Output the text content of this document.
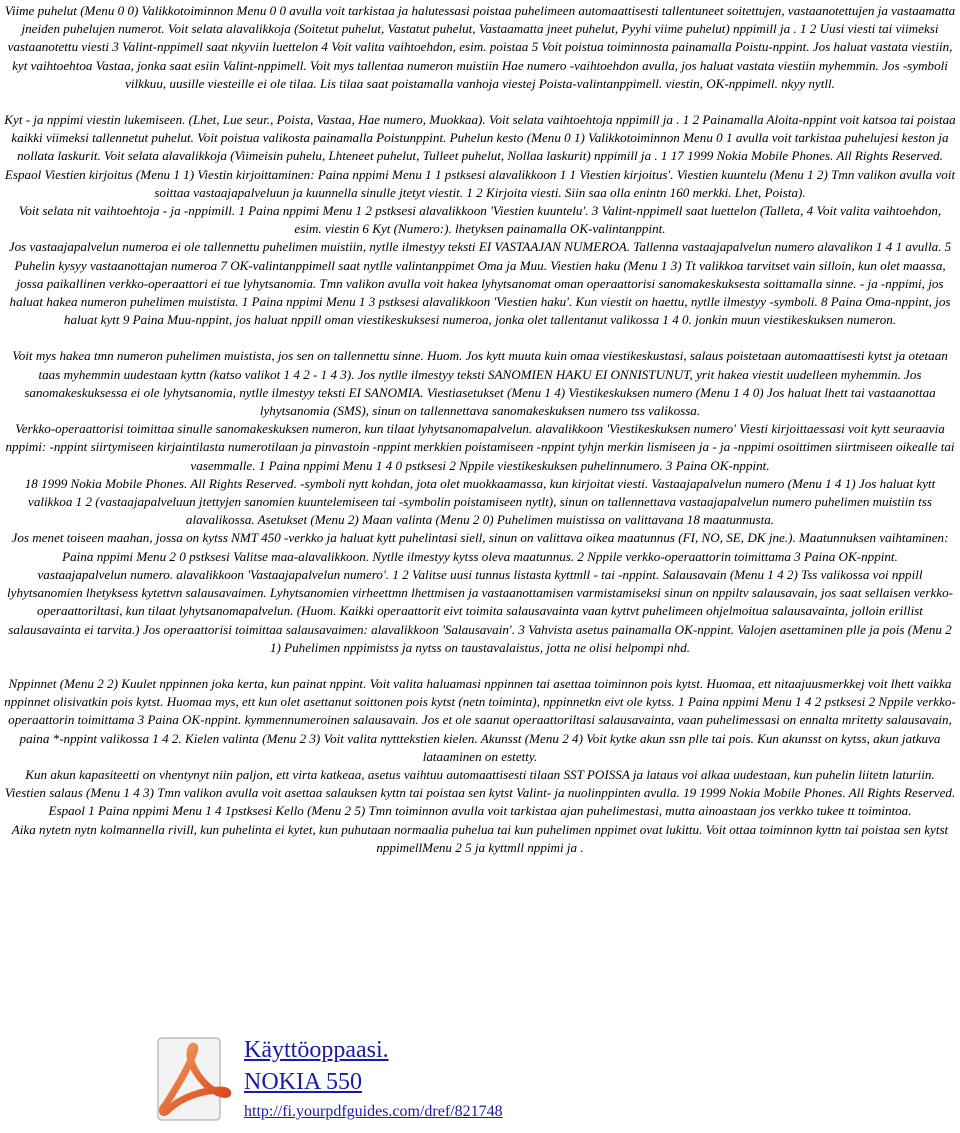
Viime puhelut (Menu 0 0) Valikkotoiminnon Menu 0 0 avulla voit tarkistaa ja halutessasi poistaa puhelimeen automaattisesti tallentuneet soitettujen, vastaanotettujen ja vastaamatta jneiden puhelujen numerot. Voit selata alavalikkoja (Soitetut puhelut, Vastatut puhelut, Vastaamatta jneet puhelut, Pyyhi viime puhelut) nppimill ja . 1 2 Uusi viesti tai viimeksi vastaanotettu viesti 3 Valint-nppimell saat nkyviin luettelon 4 Voit valita vaihtoehdon, esim. poistaa 5 Voit poistua toiminnosta painamalla Poistu-nppint. Jos haluat vastata viestiin, kyt vaihtoehtoa Vastaa, jonka saat esiin Valint-nppimell. Voit mys tallentaa numeron muistiin Hae numero -vaihtoehdon avulla, jos haluat vastata viestiin myhemmin. Jos -symboli vilkkuu, uusille viesteille ei ole tilaa. Lis tilaa saat poistamalla vanhoja viestej Poista-valintanppimell. viestin, OK-nppimell. nkyy nytll.

Kyt - ja nppimi viestin lukemiseen. (Lhet, Lue seur., Poista, Vastaa, Hae numero, Muokkaa). Voit selata vaihtoehtoja nppimill ja . 1 2 Painamalla Aloita-nppint voit katsoa tai poistaa kaikki viimeksi tallennetut puhelut. Voit poistua valikosta painamalla Poistunppint. Puhelun kesto (Menu 0 1) Valikkotoiminnon Menu 0 1 avulla voit tarkistaa puhelujesi keston ja nollata laskurit. Voit selata alavalikkoja (Viimeisin puhelu, Lhteneet puhelut, Tulleet puhelut, Nollaa laskurit) nppimill ja . 1 17 1999 Nokia Mobile Phones. All Rights Reserved.

Espaol Viestien kirjoitus (Menu 1 1) Viestin kirjoittaminen: Paina nppimi Menu 1 1 pstksesi alavalikkoon 1 1 Viestien kirjoitus'. Viestien kuuntelu (Menu 1 2) Tmn valikon avulla voit soittaa vastaajapalveluun ja kuunnella sinulle jtetyt viestit. 1 2 Kirjoita viesti. Siin saa olla enintn 160 merkki. Lhet, Poista).

Voit selata nit vaihtoehtoja - ja -nppimill. 1 Paina nppimi Menu 1 2 pstksesi alavalikkoon 'Viestien kuuntelu'. 3 Valint-nppimell saat luettelon (Talleta, 4 Voit valita vaihtoehdon, esim. viestin 6 Kyt (Numero:). lhetyksen painamalla OK-valintanppint.

Jos vastaajapalvelun numeroa ei ole tallennettu puhelimen muistiin, nytlle ilmestyy teksti EI VASTAAJAN NUMEROA. Tallenna vastaajapalvelun numero alavalikon 1 4 1 avulla. 5 Puhelin kysyy vastaanottajan numeroa 7 OK-valintanppimell saat nytlle valintanppimet Oma ja Muu. Viestien haku (Menu 1 3) Tt valikkoa tarvitset vain silloin, kun olet maassa, jossa paikallinen verkko-operaattori ei tue lyhytsanomia. Tmn valikon avulla voit hakea lyhytsanomat oman operaattorisi sanomakeskuksesta soittamalla sinne. - ja -nppimi, jos haluat hakea numeron puhelimen muistista. 1 Paina nppimi Menu 1 3 pstksesi alavalikkoon 'Viestien haku'. Kun viestit on haettu, nytlle ilmestyy -symboli. 8 Paina Oma-nppint, jos haluat kytt 9 Paina Muu-nppint, jos haluat nppill oman viestikeskuksesi numeroa, jonka olet tallentanut valikossa 1 4 0. jonkin muun viestikeskuksen numeron.

Voit mys hakea tmn numeron puhelimen muistista, jos sen on tallennettu sinne. Huom. Jos kytt muuta kuin omaa viestikeskustasi, salaus poistetaan automaattisesti kytst ja otetaan taas myhemmin uudestaan kyttn (katso valikot 1 4 2 - 1 4 3). Jos nytlle ilmestyy teksti SANOMIEN HAKU EI ONNISTUNUT, yrit hakea viestit uudelleen myhemmin. Jos sanomakeskuksessa ei ole lyhytsanomia, nytlle ilmestyy teksti EI SANOMIA. Viestiasetukset (Menu 1 4) Viestikeskuksen numero (Menu 1 4 0) Jos haluat lhett tai vastaanottaa lyhytsanomia (SMS), sinun on tallennettava sanomakeskuksen numero tss valikossa.

Verkko-operaattorisi toimittaa sinulle sanomakeskuksen numeron, kun tilaat lyhytsanomapalvelun. alavalikkoon 'Viestikeskuksen numero' Viesti kirjoittaessasi voit kytt seuraavia nppimi: -nppint siirtymiseen kirjaintilasta numerotilaan ja pinvastoin -nppint merkkien poistamiseen -nppint tyhjn merkin lismiseen ja - ja -nppimi osoittimen siirtmiseen oikealle tai vasemmalle. 1 Paina nppimi Menu 1 4 0 pstksesi 2 Nppile viestikeskuksen puhelinnumero. 3 Paina OK-nppint.

18 1999 Nokia Mobile Phones. All Rights Reserved. -symboli nytt kohdan, jota olet muokkaamassa, kun kirjoitat viesti. Vastaajapalvelun numero (Menu 1 4 1) Jos haluat kytt valikkoa 1 2 (vastaajapalveluun jtettyjen sanomien kuuntelemiseen tai -symbolin poistamiseen nytlt), sinun on tallennettava vastaajapalvelun numero puhelimen muistiin tss alavalikossa. Asetukset (Menu 2) Maan valinta (Menu 2 0) Puhelimen muistissa on valittavana 18 maatunnusta.

Jos menet toiseen maahan, jossa on kytss NMT 450 -verkko ja haluat kytt puhelintasi siell, sinun on valittava oikea maatunnus (FI, NO, SE, DK jne.). Maatunnuksen vaihtaminen: Paina nppimi Menu 2 0 pstksesi Valitse maa-alavalikkoon. Nytlle ilmestyy kytss oleva maatunnus. 2 Nppile verkko-operaattorin toimittama 3 Paina OK-nppint.

vastaajapalvelun numero. alavalikkoon 'Vastaajapalvelun numero'. 1 2 Valitse uusi tunnus listasta kyttmll - tai -nppint. Salausavain (Menu 1 4 2) Tss valikossa voi nppill lyhytsanomien lhetyksess kytettvn salausavaimen. Lyhytsanomien virheettmn lhettmisen ja vastaanottamisen varmistamiseksi sinun on nppiltv salausavain, jos saat sellaisen verkko-operaattoriltasi, kun tilaat lyhytsanomapalvelun. (Huom. Kaikki operaattorit eivt toimita salausavainta vaan kyttvt puhelimeen ohjelmoitua salausavainta, jolloin erillist salausavainta ei tarvita.) Jos operaattorisi toimittaa salausavaimen: alavalikkoon 'Salausavain'. 3 Vahvista asetus painamalla OK-nppint. Valojen asettaminen plle ja pois (Menu 2 1) Puhelimen nppimistss ja nytss on taustavalaistus, jotta ne olisi helpompi nhd.

Nppinnet (Menu 2 2) Kuulet nppinnen joka kerta, kun painat nppint. Voit valita haluamasi nppinnen tai asettaa toiminnon pois kytst. Huomaa, ett nitaajuusmerkkej voit lhett vaikka nppinnet olisivatkin pois kytst. Huomaa mys, ett kun olet asettanut soittonen pois kytst (netn toiminta), nppinnetkn eivt ole kytss. 1 Paina nppimi Menu 1 4 2 pstksesi 2 Nppile verkko-operaattorin toimittama 3 Paina OK-nppint. kymmennumeroinen salausavain. Jos et ole saanut operaattoriltasi salausavainta, vaan puhelimessasi on ennalta mritetty salausavain, paina *-nppint valikossa 1 4 2. Kielen valinta (Menu 2 3) Voit valita nytttekstien kielen. Akunsst (Menu 2 4) Voit kytke akun ssn plle tai pois. Kun akunsst on kytss, akun jatkuva lataaminen on estetty.

Kun akun kapasiteetti on vhentynyt niin paljon, ett virta katkeaa, asetus vaihtuu automaattisesti tilaan SST POISSA ja lataus voi alkaa uudestaan, kun puhelin liitetn laturiin. Viestien salaus (Menu 1 4 3) Tmn valikon avulla voit asettaa salauksen kyttn tai poistaa sen kytst Valint- ja nuolinppinten avulla. 19 1999 Nokia Mobile Phones. All Rights Reserved. Espaol 1 Paina nppimi Menu 1 4 1pstksesi Kello (Menu 2 5) Tmn toiminnon avulla voit tarkistaa ajan puhelimestasi, mutta ainoastaan jos verkko tukee tt toimintoa.

Aika nytetn nytn kolmannella rivill, kun puhelinta ei kytet, kun puhutaan normaalia puhelua tai kun puhelimen nppimet ovat lukittu. Voit ottaa toiminnon kyttn tai poistaa sen kytst nppimellMenu 2 5 ja kyttmll nppimi ja .

Käyttöoppaasi.
NOKIA 550
http://fi.yourpdfguides.com/dref/821748
